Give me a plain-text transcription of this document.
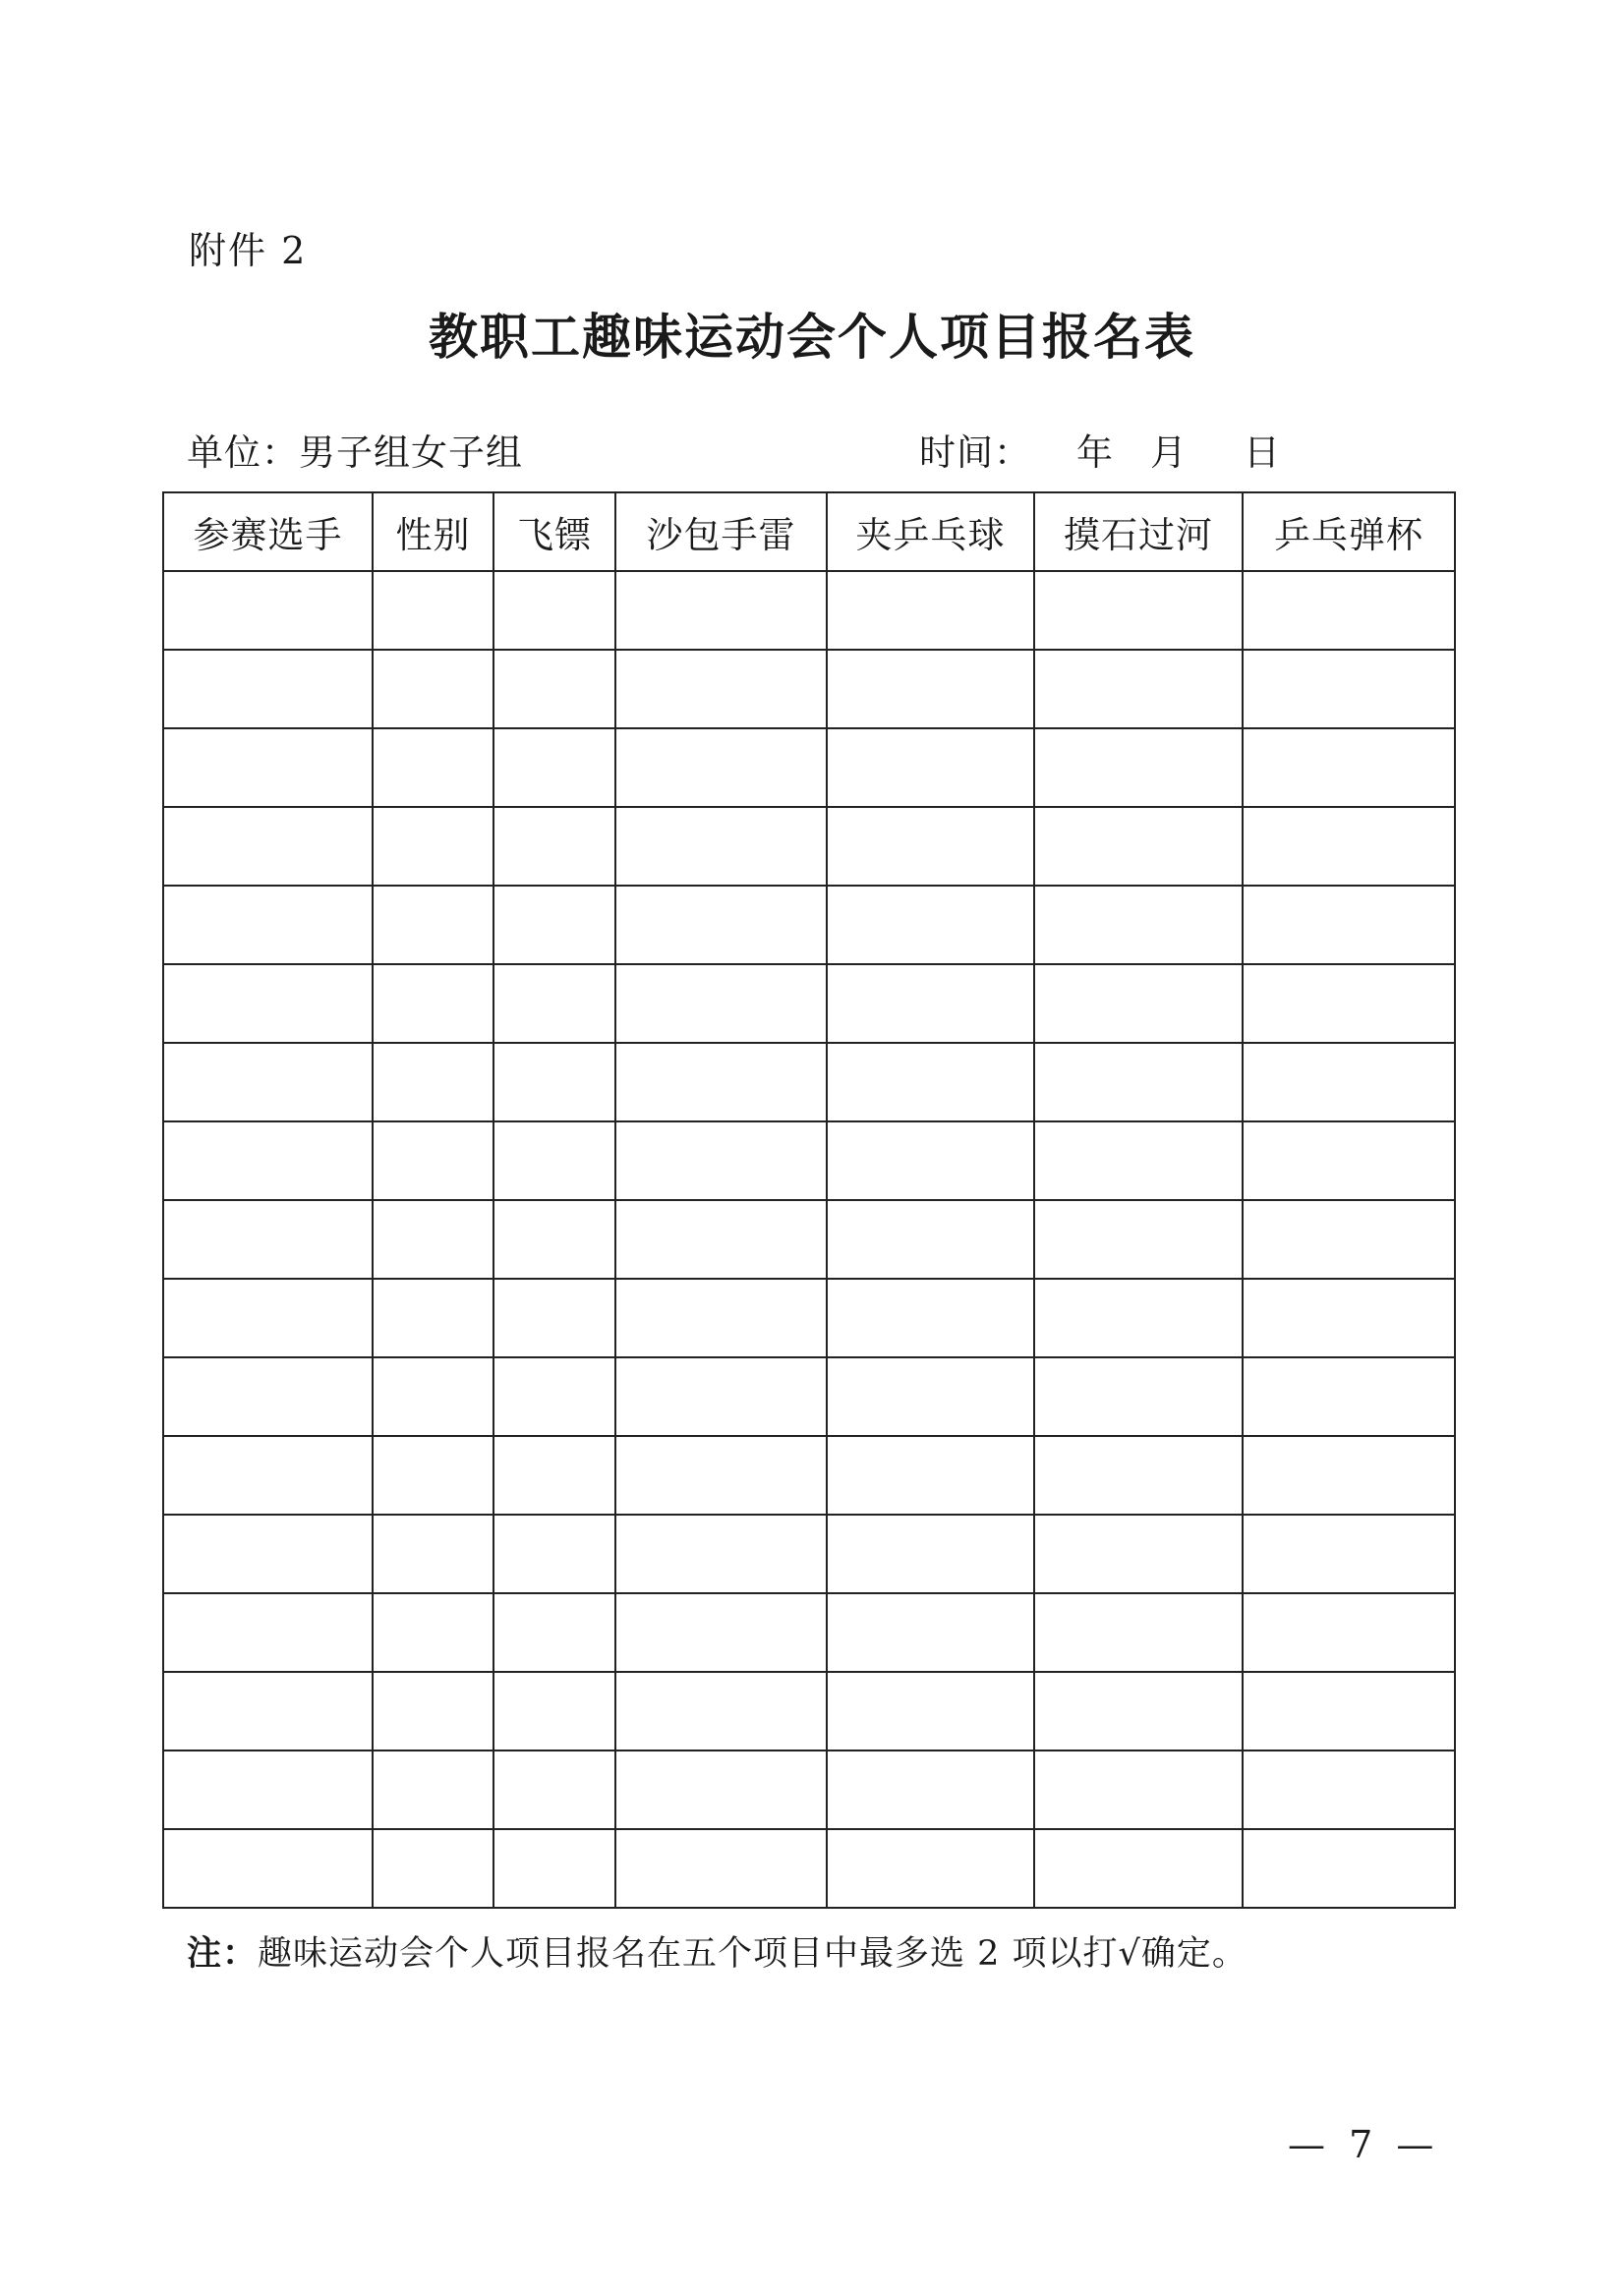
附件 2
教职工趣味运动会个人项目报名表
单位：男子组女子组	时间： 年 月 日
参赛选手	性别	飞镖	沙包手雷	夹乒乓球	摸石过河	乒乓弹杯

注：趣味运动会个人项目报名在五个项目中最多选 2 项以打√确定。
— 7 —
